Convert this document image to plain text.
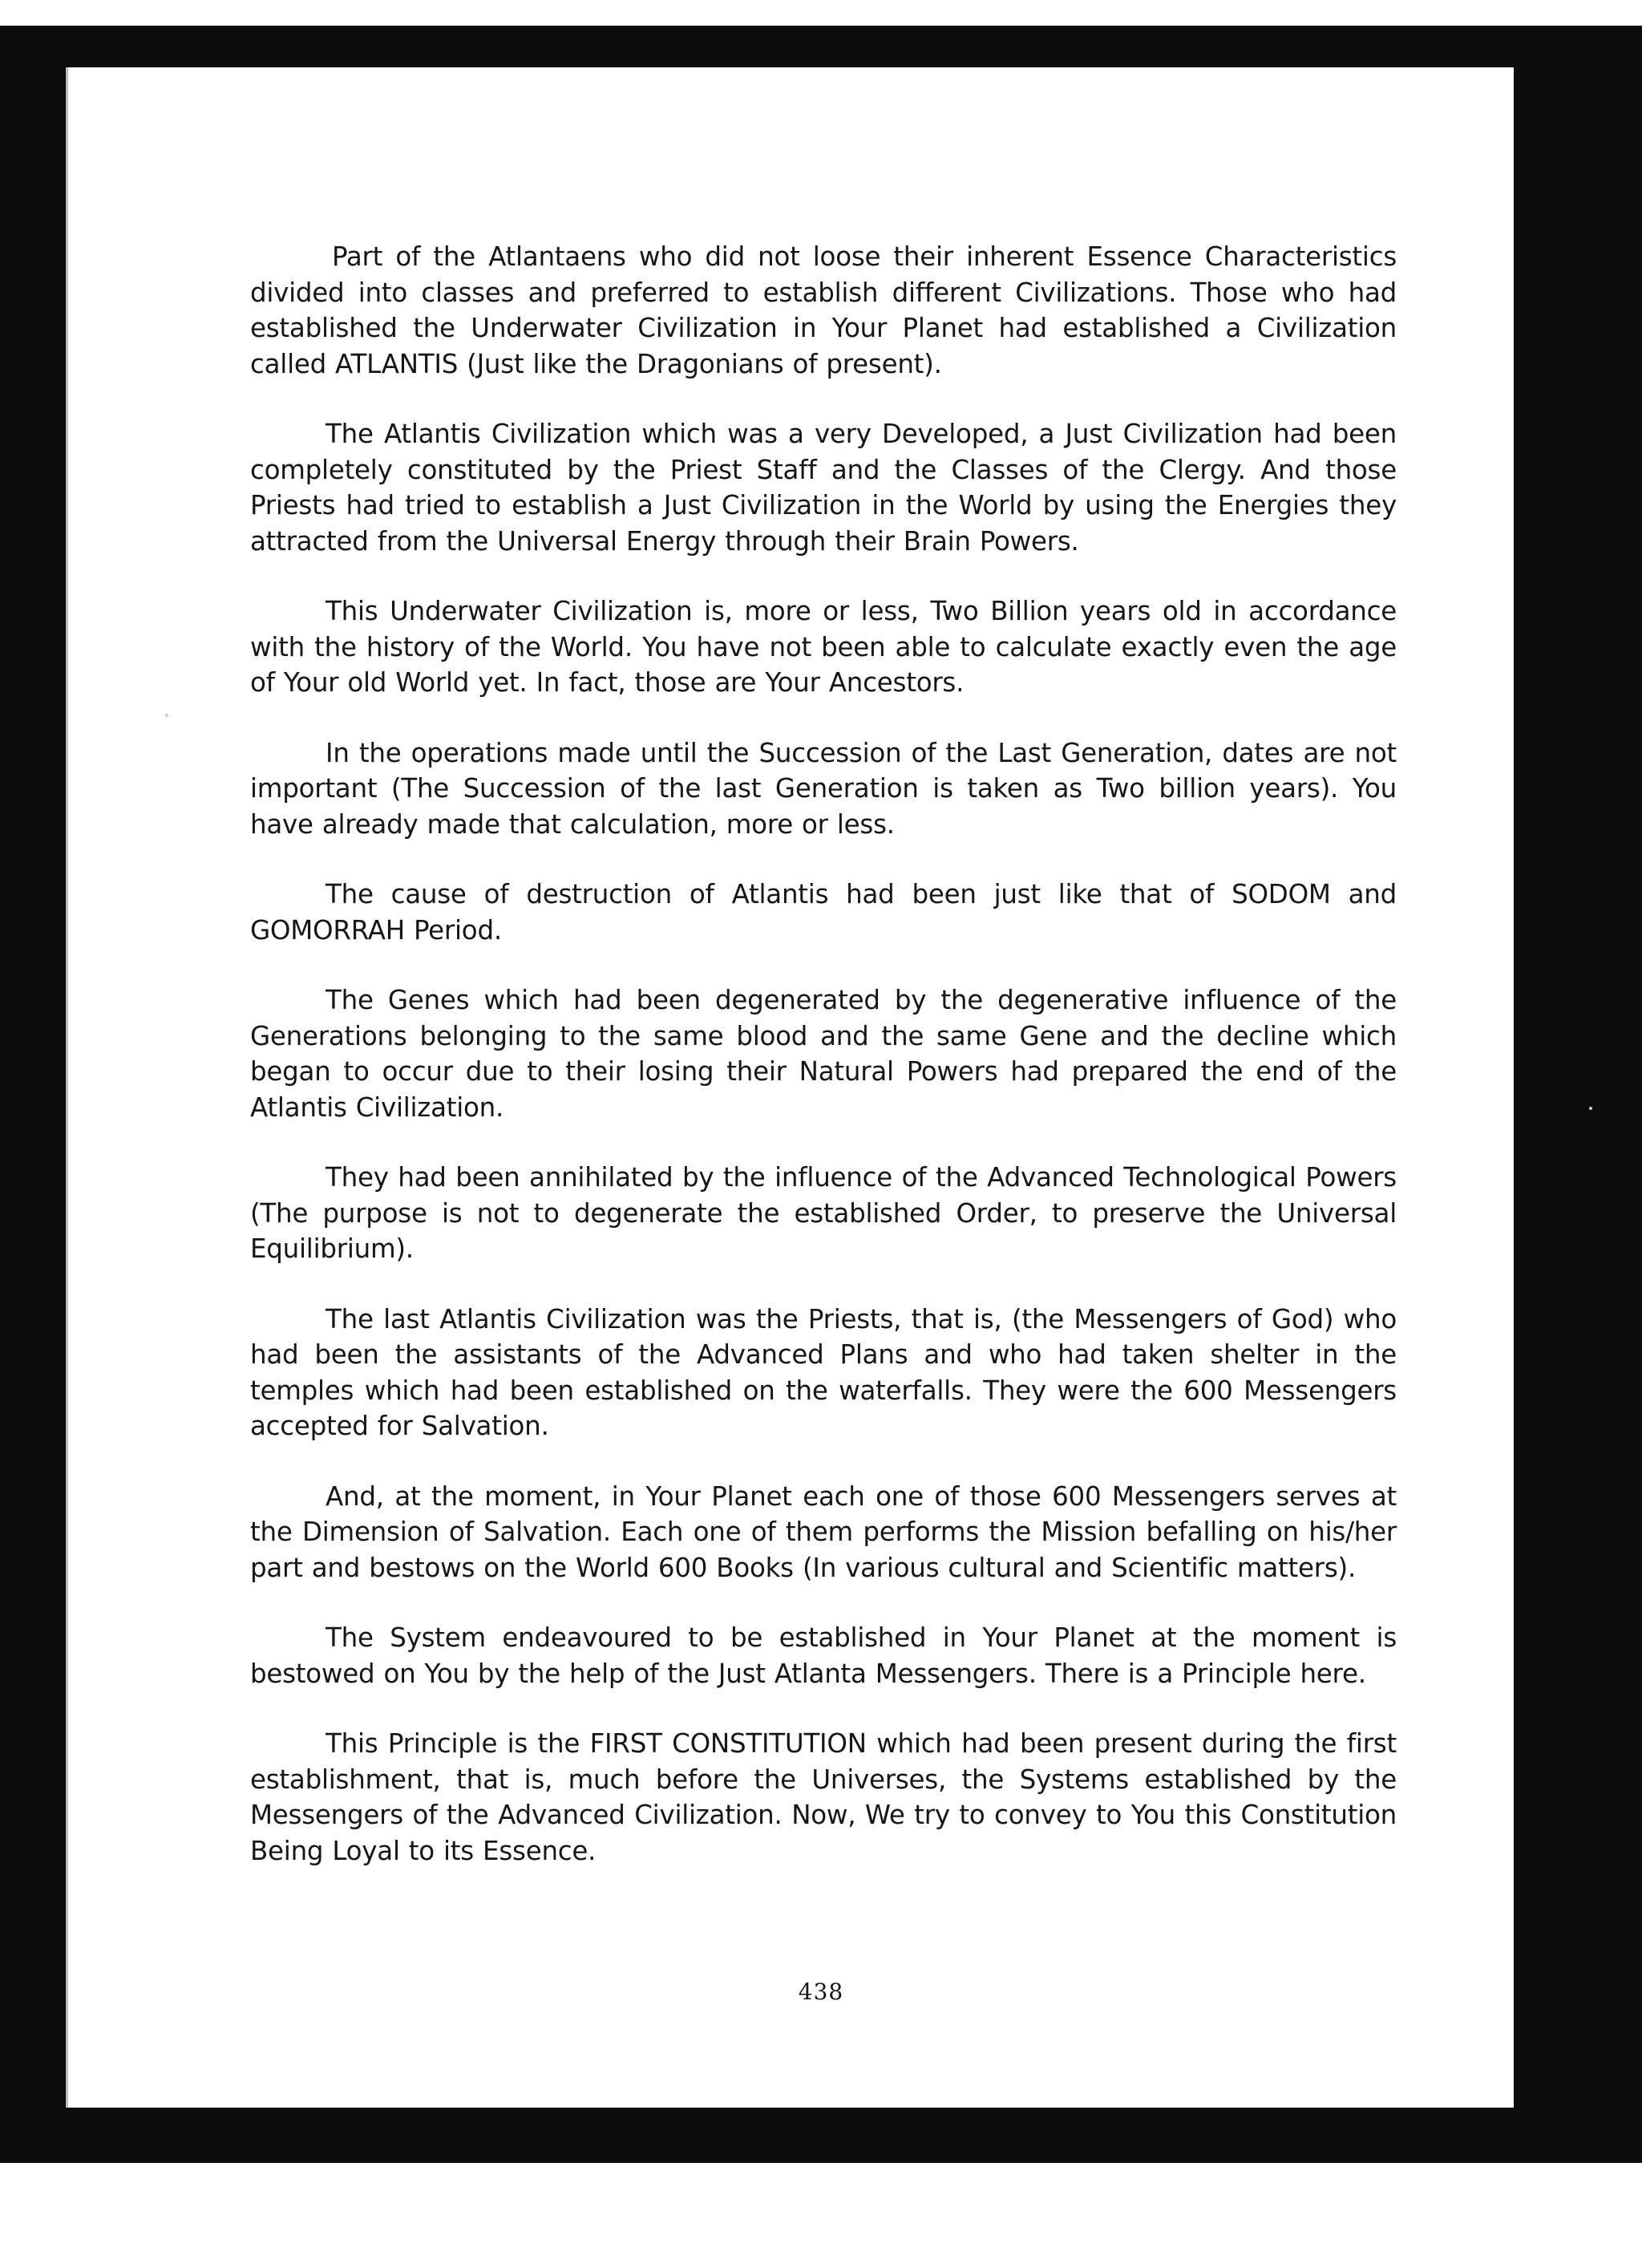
Part of the Atlantaens who did not loose their inherent Essence Characteristics divided into classes and preferred to establish different Civilizations. Those who had established the Underwater Civilization in Your Planet had established a Civilization called ATLANTIS (Just like the Dragonians of present).

The Atlantis Civilization which was a very Developed, a Just Civilization had been completely constituted by the Priest Staff and the Classes of the Clergy. And those Priests had tried to establish a Just Civilization in the World by using the Energies they attracted from the Universal Energy through their Brain Powers.

This Underwater Civilization is, more or less, Two Billion years old in accordance with the history of the World. You have not been able to calculate exactly even the age of Your old World yet. In fact, those are Your Ancestors.

In the operations made until the Succession of the Last Generation, dates are not important (The Succession of the last Generation is taken as Two billion years). You have already made that calculation, more or less.

The cause of destruction of Atlantis had been just like that of SODOM and GOMORRAH Period.

The Genes which had been degenerated by the degenerative influence of the Generations belonging to the same blood and the same Gene and the decline which began to occur due to their losing their Natural Powers had prepared the end of the Atlantis Civilization.

They had been annihilated by the influence of the Advanced Technological Powers (The purpose is not to degenerate the established Order, to preserve the Universal Equilibrium).

The last Atlantis Civilization was the Priests, that is, (the Messengers of God) who had been the assistants of the Advanced Plans and who had taken shelter in the temples which had been established on the waterfalls. They were the 600 Messengers accepted for Salvation.

And, at the moment, in Your Planet each one of those 600 Messengers serves at the Dimension of Salvation. Each one of them performs the Mission befalling on his/her part and bestows on the World 600 Books (In various cultural and Scientific matters).

The System endeavoured to be established in Your Planet at the moment is bestowed on You by the help of the Just Atlanta Messengers. There is a Principle here.

This Principle is the FIRST CONSTITUTION which had been present during the first establishment, that is, much before the Universes, the Systems established by the Messengers of the Advanced Civilization. Now, We try to convey to You this Constitution Being Loyal to its Essence.

438
